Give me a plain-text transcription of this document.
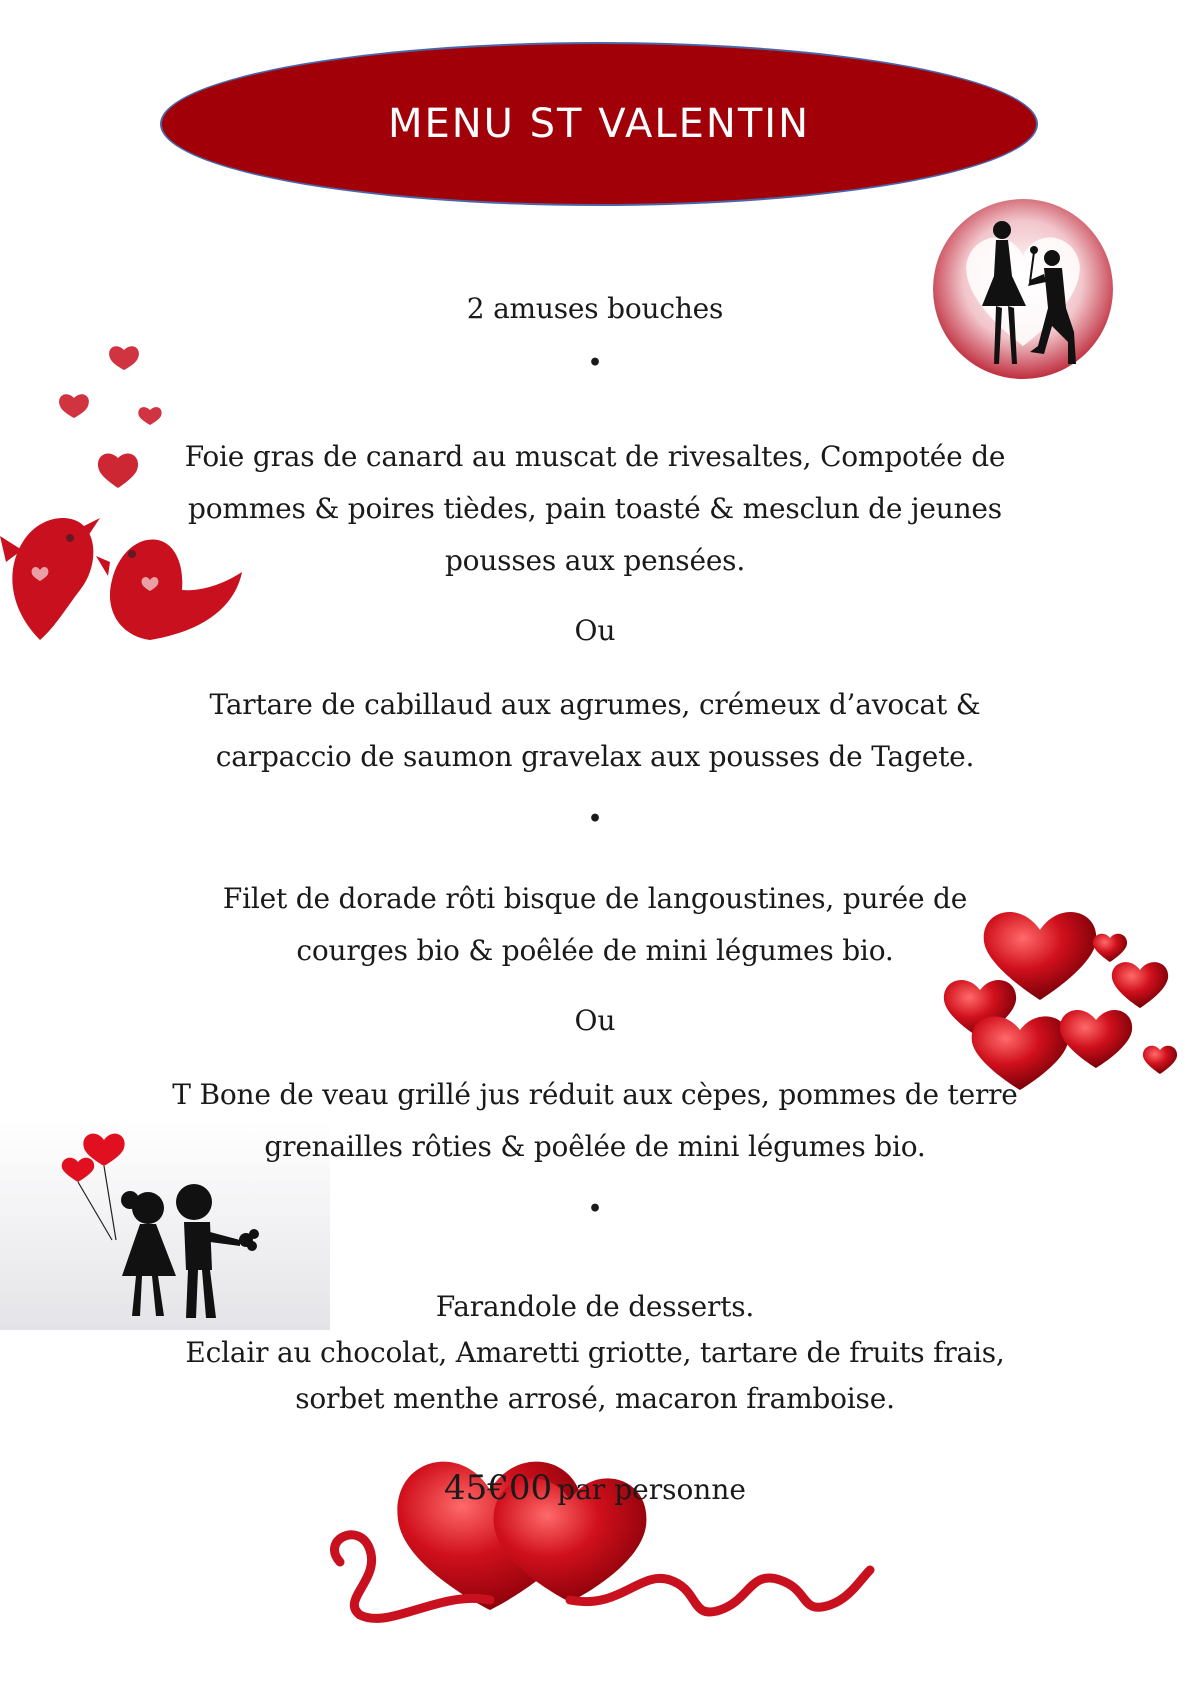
MENU ST VALENTIN
2 amuses bouches
•
Foie gras de canard au muscat de rivesaltes, Compotée de
pommes & poires tièdes, pain toasté & mesclun de jeunes
pousses aux pensées.
Ou
Tartare de cabillaud aux agrumes, crémeux d’avocat &
carpaccio de saumon gravelax aux pousses de Tagete.
•
Filet de dorade rôti bisque de langoustines, purée de
courges bio & poêlée de mini légumes bio.
Ou
T Bone de veau grillé jus réduit aux cèpes, pommes de terre
grenailles rôties & poêlée de mini légumes bio.
•
Farandole de desserts.
Eclair au chocolat, Amaretti griotte, tartare de fruits frais,
sorbet menthe arrosé, macaron framboise.
45€00 par personne
